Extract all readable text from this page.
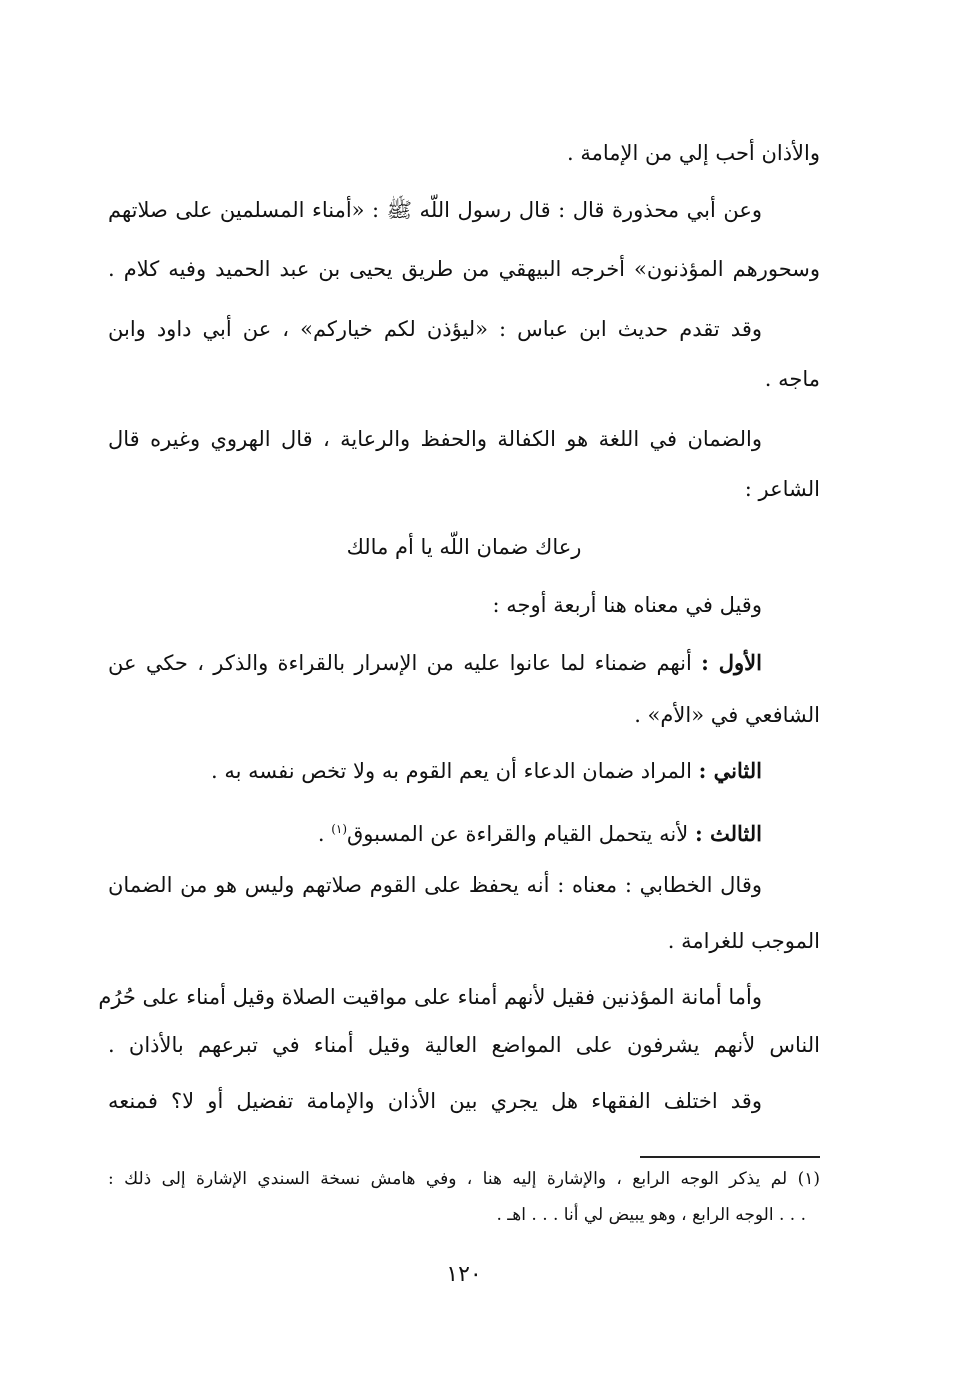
والأذان أحب إلي من الإمامة .
وعن أبي محذورة قال : قال رسول اللّه ﷺ : «أمناء المسلمين على صلاتهم
وسحورهم المؤذنون» أخرجه البيهقي من طريق يحيى بن عبد الحميد وفيه كلام .
وقد تقدم حديث ابن عباس : «ليؤذن لكم خياركم» ، عن أبي داود وابن
ماجه .
والضمان في اللغة هو الكفالة والحفظ والرعاية ، قال الهروي وغيره قال
الشاعر :
رعاك ضمان اللّه يا أم مالك
وقيل في معناه هنا أربعة أوجه :
الأول : أنهم ضمناء لما عانوا عليه من الإسرار بالقراءة والذكر ، حكي عن
الشافعي في «الأم» .
الثاني : المراد ضمان الدعاء أن يعم القوم به ولا تخص نفسه به .
الثالث : لأنه يتحمل القيام والقراءة عن المسبوق$^{(١)}$ .
وقال الخطابي : معناه : أنه يحفظ على القوم صلاتهم وليس هو من الضمان
الموجب للغرامة .
وأما أمانة المؤذنين فقيل لأنهم أمناء على مواقيت الصلاة وقيل أمناء على حُرُم
الناس لأنهم يشرفون على المواضع العالية وقيل أمناء في تبرعهم بالأذان .
وقد اختلف الفقهاء هل يجري بين الأذان والإمامة تفضيل أو لا؟ فمنعه
(١) لم يذكر الوجه الرابع ، والإشارة إليه هنا ، وفي هامش نسخة السندي الإشارة إلى ذلك :
. . . الوجه الرابع ، وهو يبيض لي أنا . . . اهـ .
١٢٠
